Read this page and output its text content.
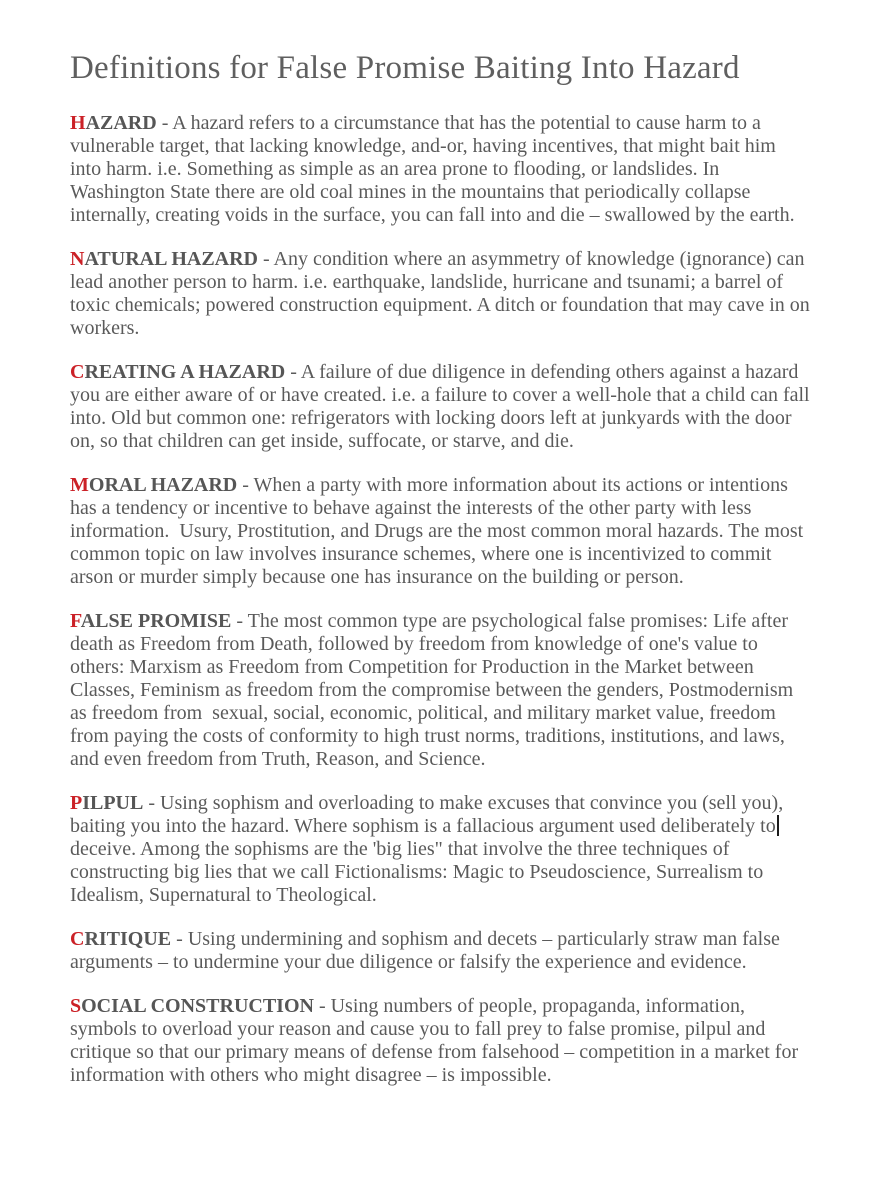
Definitions for False Promise Baiting Into Hazard

HAZARD - A hazard refers to a circumstance that has the potential to cause harm to a vulnerable target, that lacking knowledge, and-or, having incentives, that might bait him into harm. i.e. Something as simple as an area prone to flooding, or landslides. In Washington State there are old coal mines in the mountains that periodically collapse internally, creating voids in the surface, you can fall into and die – swallowed by the earth.

NATURAL HAZARD - Any condition where an asymmetry of knowledge (ignorance) can lead another person to harm. i.e. earthquake, landslide, hurricane and tsunami; a barrel of toxic chemicals; powered construction equipment. A ditch or foundation that may cave in on workers.

CREATING A HAZARD - A failure of due diligence in defending others against a hazard you are either aware of or have created. i.e. a failure to cover a well-hole that a child can fall into. Old but common one: refrigerators with locking doors left at junkyards with the door on, so that children can get inside, suffocate, or starve, and die.

MORAL HAZARD - When a party with more information about its actions or intentions has a tendency or incentive to behave against the interests of the other party with less information.  Usury, Prostitution, and Drugs are the most common moral hazards. The most common topic on law involves insurance schemes, where one is incentivized to commit arson or murder simply because one has insurance on the building or person.

FALSE PROMISE - The most common type are psychological false promises: Life after death as Freedom from Death, followed by freedom from knowledge of one's value to others: Marxism as Freedom from Competition for Production in the Market between Classes, Feminism as freedom from the compromise between the genders, Postmodernism as freedom from  sexual, social, economic, political, and military market value, freedom from paying the costs of conformity to high trust norms, traditions, institutions, and laws, and even freedom from Truth, Reason, and Science.

PILPUL - Using sophism and overloading to make excuses that convince you (sell you), baiting you into the hazard. Where sophism is a fallacious argument used deliberately to deceive. Among the sophisms are the 'big lies" that involve the three techniques of constructing big lies that we call Fictionalisms: Magic to Pseudoscience, Surrealism to Idealism, Supernatural to Theological.

CRITIQUE - Using undermining and sophism and decets – particularly straw man false arguments – to undermine your due diligence or falsify the experience and evidence.

SOCIAL CONSTRUCTION - Using numbers of people, propaganda, information, symbols to overload your reason and cause you to fall prey to false promise, pilpul and critique so that our primary means of defense from falsehood – competition in a market for information with others who might disagree – is impossible.
